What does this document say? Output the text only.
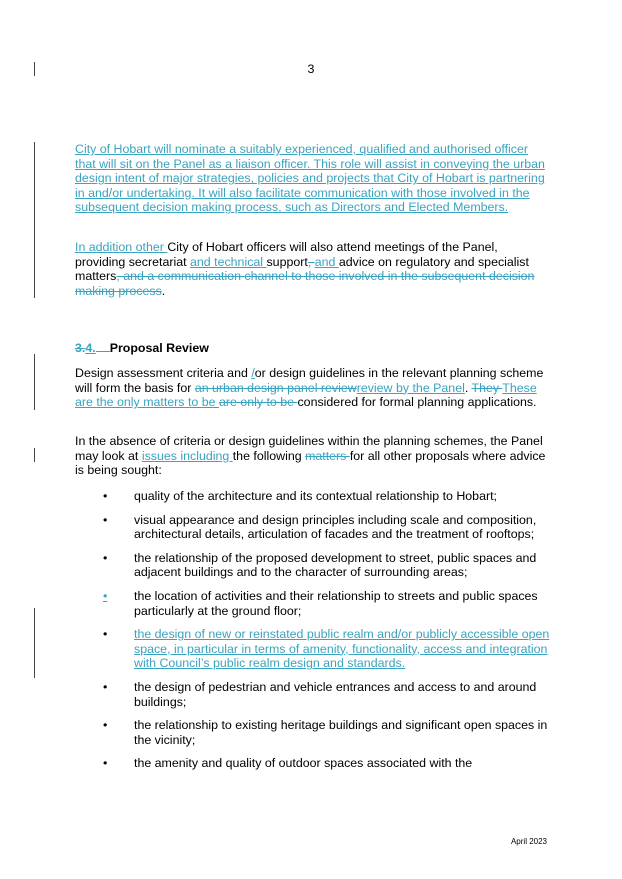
3

City of Hobart will nominate a suitably experienced, qualified and authorised officer that will sit on the Panel as a liaison officer. This role will assist in conveying the urban design intent of major strategies, policies and projects that City of Hobart is partnering in and/or undertaking. It will also facilitate communication with those involved in the subsequent decision making process, such as Directors and Elected Members.

In addition other City of Hobart officers will also attend meetings of the Panel, providing secretariat and technical support, and advice on regulatory and specialist matters, and a communication channel to those involved in the subsequent decision making process.

3.4. Proposal Review

Design assessment criteria and /or design guidelines in the relevant planning scheme will form the basis for an urban design panel reviewreview by the Panel. They These are the only matters to be are only to be considered for formal planning applications.

In the absence of criteria or design guidelines within the planning schemes, the Panel may look at issues including the following matters for all other proposals where advice is being sought:

• quality of the architecture and its contextual relationship to Hobart;
• visual appearance and design principles including scale and composition, architectural details, articulation of facades and the treatment of rooftops;
• the relationship of the proposed development to street, public spaces and adjacent buildings and to the character of surrounding areas;
•	the location of activities and their relationship to streets and public spaces particularly at the ground floor;
• the design of new or reinstated public realm and/or publicly accessible open space, in particular in terms of amenity, functionality, access and integration with Council’s public realm design and standards.
• the design of pedestrian and vehicle entrances and access to and around buildings;
• the relationship to existing heritage buildings and significant open spaces in the vicinity;
• the amenity and quality of outdoor spaces associated with the
April 2023
